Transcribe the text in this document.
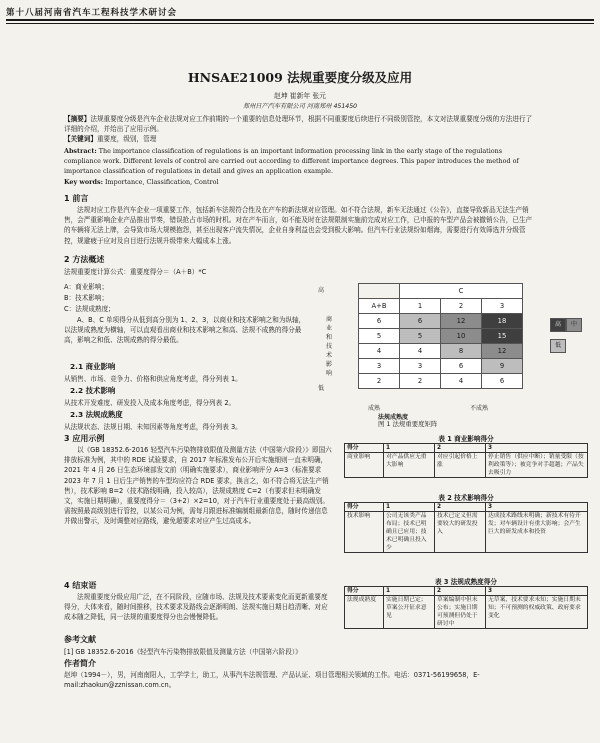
第十八届河南省汽车工程科技学术研讨会
HNSAE21009 法规重要度分级及应用
赵坤 崔新年 张元
郑州日产汽车有限公司 河南郑州 451450
【摘要】法规重要度分级是汽车企业法规对应工作前期的一个重要的信息处理环节，根据不同重要度后续进行不同级别管控，本文对法规重要度分级的方法进行了详细的介绍，并给出了应用示例。
【关键词】重要度，级别，管理
Abstract: The importance classification of regulations is an important information processing link in the early stage of the regulations compliance work. Different levels of control are carried out according to different importance degrees. This paper introduces the method of importance classification of regulations in detail and gives an application example.
Key words: Importance, Classification, Control
1 前言
法规对应工作是汽车企业一项重要工作，包括新车法规符合性及在产车的新法规对应管理。如不符合法规，新车无法通过《公告》，直接导致新品无法生产销售，会严重影响企业产品推出节奏，错误抢占市场的时机。对在产车而言，如不能及时在法规限制实施前完成对应工作，已申报的车型产品会被撤销公告，已生产的车辆将无法上牌，会导致市场大规模抱怨，甚至出现客户流失情况，企业自身利益也会受到极大影响。但汽车行业法规纷如烟海，需要进行有效筛选并分级管控，规避疲于应对及自目进行法规升级带来大幅成本上涨。
2 方法概述
法规重要度计算公式：重要度得分＝（A＋B）*C
A：商业影响；
B：技术影响；
C：法规成熟度；
A、B、C 单项得分从低到高分别为 1、2、3，以商业和技术影响之和为纵轴，以法规成熟度为横轴，可以直观看出商业和技术影响之和高、法规不成熟的得分最高，影响之和低、法规成熟的得分最低。
2.1 商业影响
从销售、市场、竞争力、价格和供应角度考虑，得分列表 1。
2.2 技术影响
从技术开发难度、研发投入及成本角度考虑，得分列表 2。
2.3 法规成熟度
从法规状态、法规日期、未知因素等角度考虑，得分列表 3。
高
商业和技术影响
低
	C		
A+B	1	2	3
6	6	12	18
5	5	10	15
4	4	8	12
3	3	6	9
2	2	4	6
高 中低
成熟	不成熟
法规成熟度
图 1 法规重要度矩阵
3 应用示例
以《GB 18352.6-2016 轻型汽车污染物排放限值及测量方法（中国第六阶段）》即国六排放标准为例，其中的 RDE 试验要求，自 2017 年标准发布公开后实施细则一直未明确，2021 年 4 月 26 日生态环境部发文前（明确实施要求），商业影响评分 A=3（标准要求 2023 年 7 月 1 日后生产销售的车型均应符合 RDE 要求，换言之，如不符合将无法生产销售），技术影响 B=2（技术路线明确，投入较高），法规成熟度 C=2（有要求但未明确发文，实施日期明确），重要度得分＝（3+2）×2=10，对于汽车行业重要度处于最高级别。需按照最高级别进行管控，以某公司为例，需每月跟进标准编制组最新信息，随时传递信息并做出警示，及时调整对应路线，避免超要求对应产生过高成本。
4 结束语
法规重要度分级应用广泛，在不同阶段，应随市场、法规及技术要素变化而更新重要度得分，大体来看，随时间推移，技术要求及路线会逐渐明朗、法规实施日期日趋清晰、对应成本随之降低，同一法规的重要度得分也会慢慢降低。
参考文献
[1] GB 18352.6-2016《轻型汽车污染物排放限值及测量方法（中国第六阶段）》
作者简介
赵坤（1994－），男，河南南阳人，工学学士，助工，从事汽车法规管理、产品认证、项目管理相关领域的工作。电话：0371-56199658，E-mail:zhaokun@zznissan.com.cn。
表 1 商业影响得分
得分	1	2	3
商业影响	对产品供应无重大影响	对应引起价格上涨	停止销售（供应中断）；销量受限（按利政策等）；被竞争对手超越；产品失去吸引力
表 2 技术影响得分
得分	1	2	3
技术影响	公司无该类产品布局；技术已明确且已应用；技术已明确且投入少	技术已定义但需要较大的研发投入	达成技术路线未明确；新技术有待开发；对车辆设计有重大影响；会产生巨大的研发成本和投资
表 3 法规成熟度得分
得分	1	2	3
法规成熟度	实施日期已定；草案公开征求意见	草案编制中但未公布；实施日期可预测但仍处于研讨中	无草案，技术要求未知；实施日期未知；不可预测的权威政策、政府要求变化
